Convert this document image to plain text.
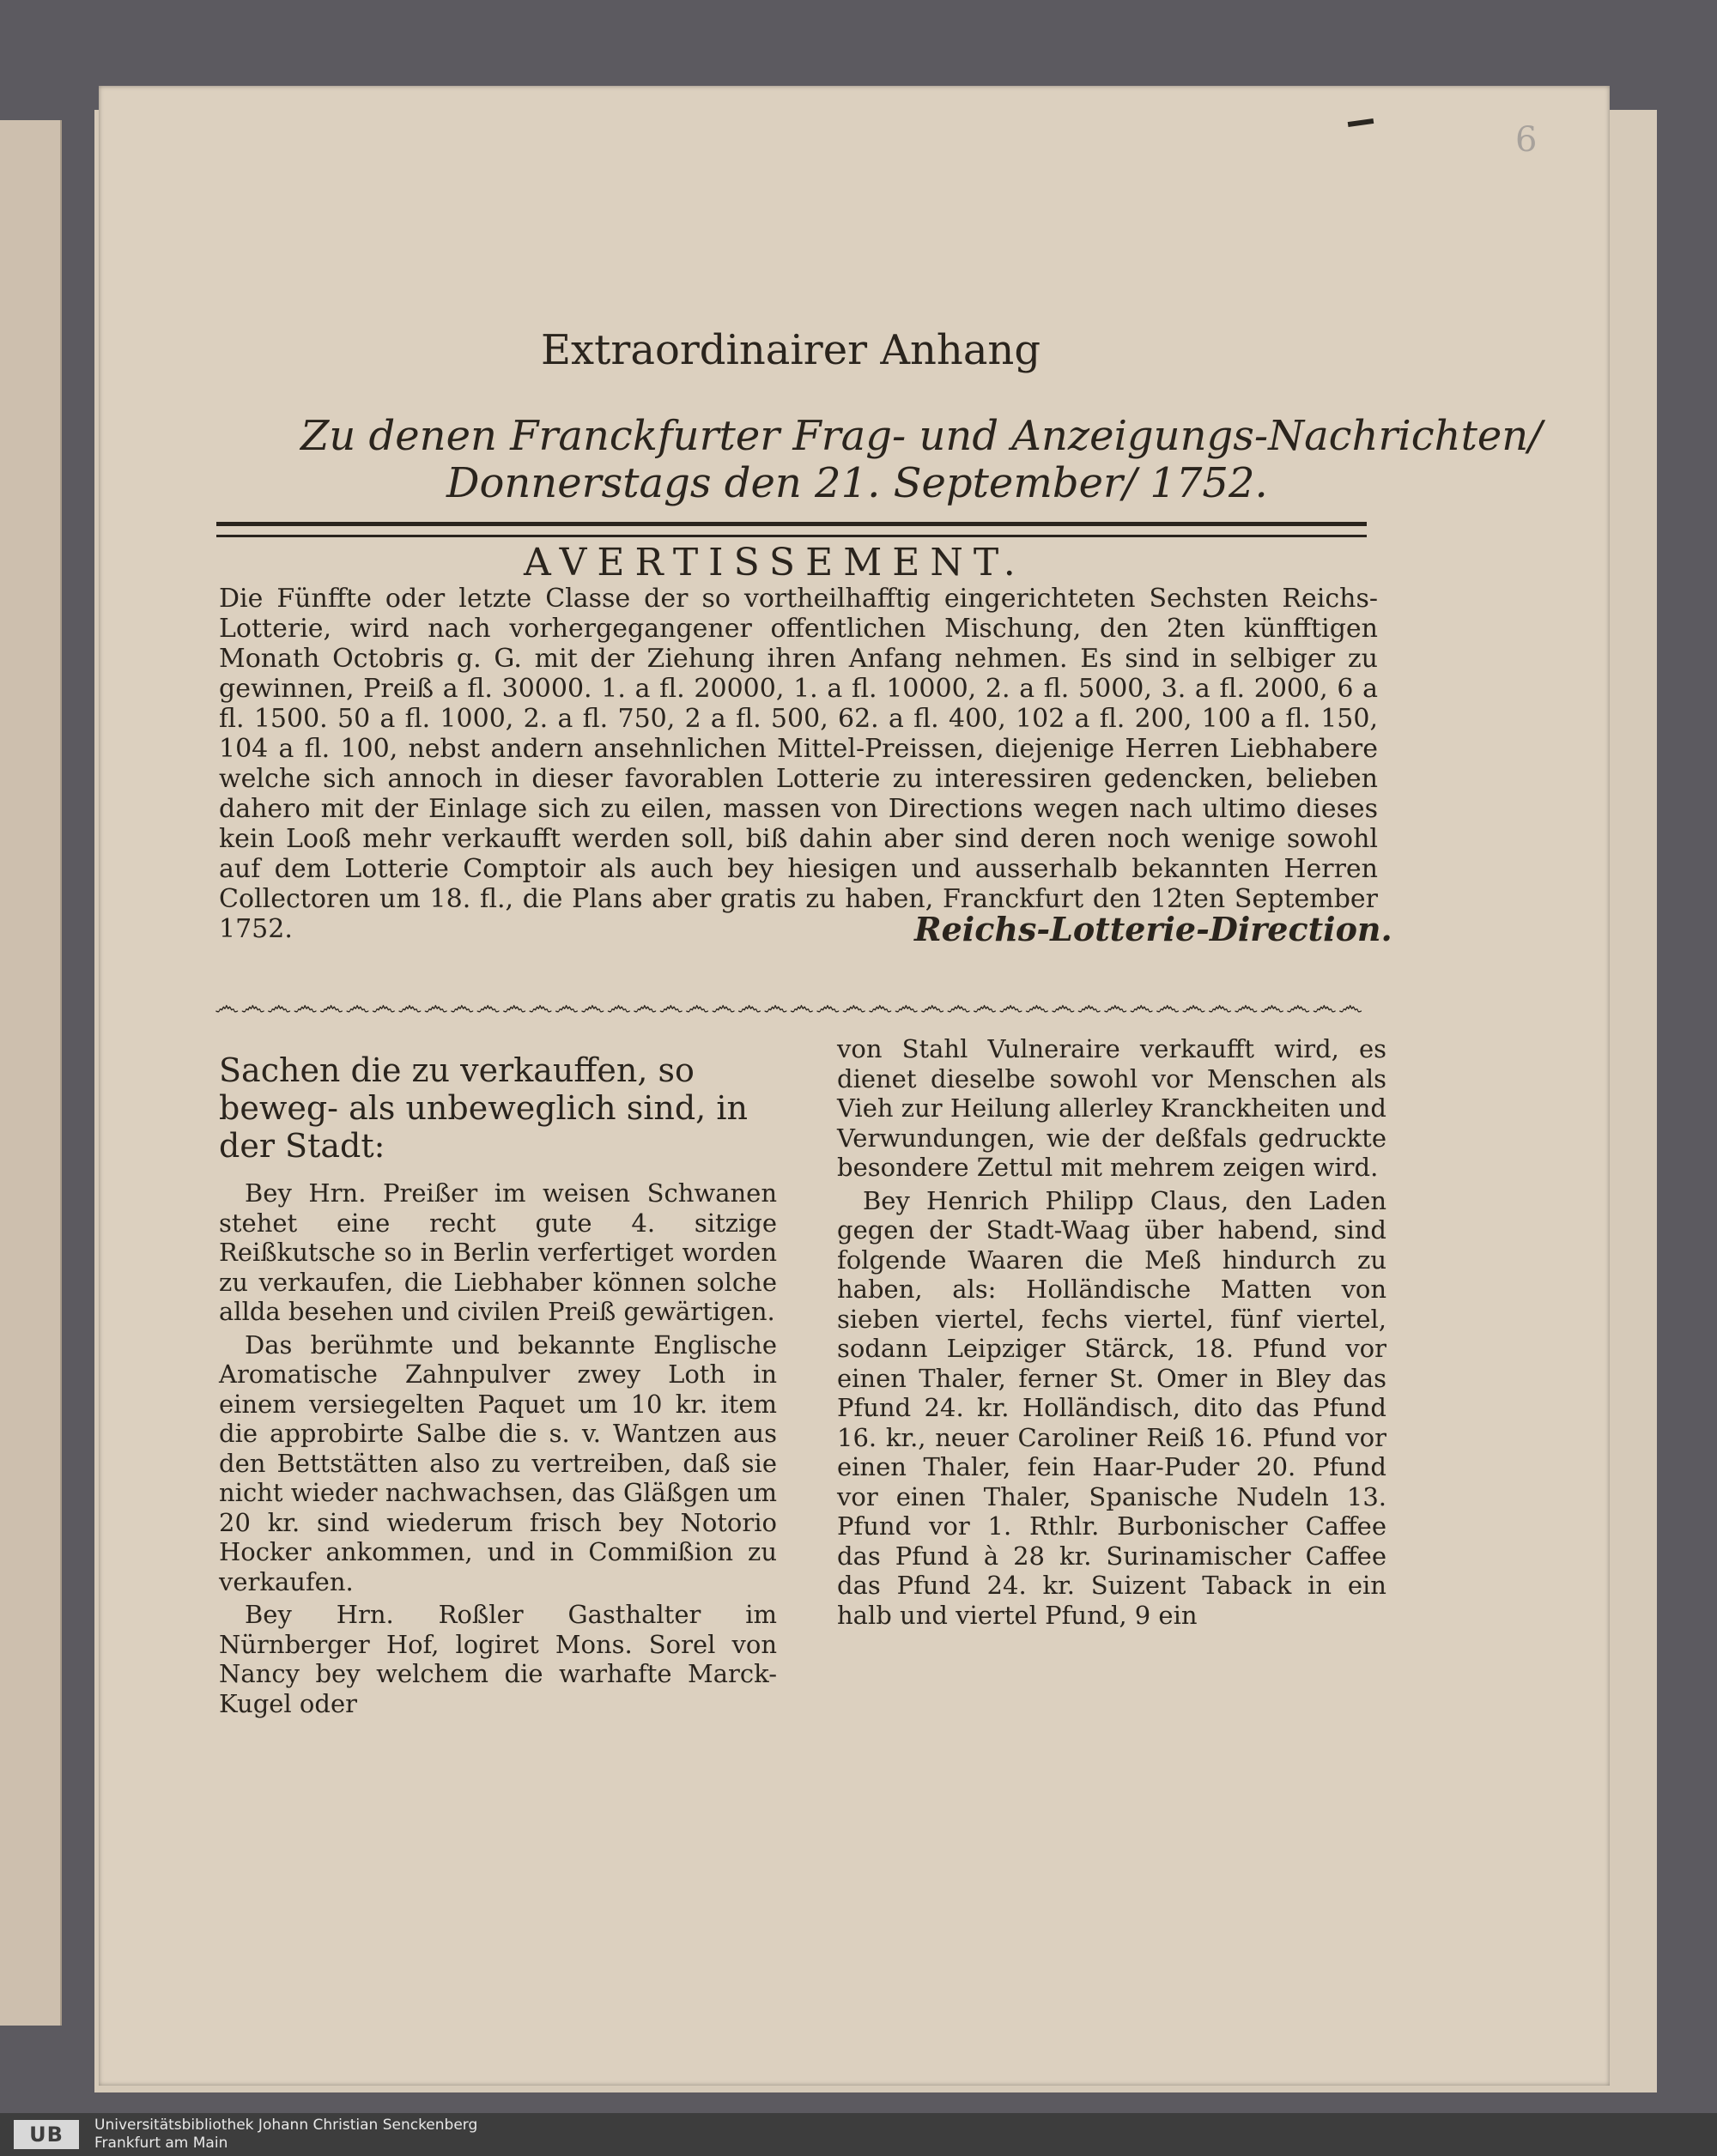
6
Extraordinairer Anhang
Zu denen Franckfurter Frag- und Anzeigungs-Nachrichten/
Donnerstags den 21. September/ 1752.
AVERTISSEMENT.
Die Fünffte oder letzte Classe der so vortheilhafftig eingerichteten Sechsten Reichs-Lotterie, wird nach vorhergegangener offentlichen Mischung, den 2ten künfftigen Monath Octobris g. G. mit der Ziehung ihren Anfang nehmen. Es sind in selbiger zu gewinnen, Preiß a fl. 30000. 1. a fl. 20000, 1. a fl. 10000, 2. a fl. 5000, 3. a fl. 2000, 6 a fl. 1500. 50 a fl. 1000, 2. a fl. 750, 2 a fl. 500, 62. a fl. 400, 102 a fl. 200, 100 a fl. 150, 104 a fl. 100, nebst andern ansehnlichen Mittel-Preissen, diejenige Herren Liebhabere welche sich annoch in dieser favorablen Lotterie zu interessiren gedencken, belieben dahero mit der Einlage sich zu eilen, massen von Directions wegen nach ultimo dieses kein Looß mehr verkaufft werden soll, biß dahin aber sind deren noch wenige sowohl auf dem Lotterie Comptoir als auch bey hiesigen und ausserhalb bekannten Herren Collectoren um 18. fl., die Plans aber gratis zu haben, Franckfurt den 12ten September 1752.	Reichs-Lotterie-Direction.
෴෴෴෴෴෴෴෴෴෴෴෴෴෴෴෴෴෴෴෴෴෴෴෴෴෴෴෴෴෴෴෴෴෴෴෴෴෴෴෴෴෴෴෴
Sachen die zu verkauffen, so beweg- als unbeweglich sind, in der Stadt:

Bey Hrn. Preißer im weisen Schwanen stehet eine recht gute 4. sitzige Reißkutsche so in Berlin verfertiget worden zu verkaufen, die Liebhaber können solche allda besehen und civilen Preiß gewärtigen.

Das berühmte und bekannte Englische Aromatische Zahnpulver zwey Loth in einem versiegelten Paquet um 10 kr. item die approbirte Salbe die s. v. Wantzen aus den Bettstätten also zu vertreiben, daß sie nicht wieder nachwachsen, das Gläßgen um 20 kr. sind wiederum frisch bey Notorio Hocker ankommen, und in Commißion zu verkaufen.

Bey Hrn. Roßler Gasthalter im Nürnberger Hof, logiret Mons. Sorel von Nancy bey welchem die warhafte Marck-Kugel oder

von Stahl Vulneraire verkaufft wird, es dienet dieselbe sowohl vor Menschen als Vieh zur Heilung allerley Kranckheiten und Verwundungen, wie der deßfals gedruckte besondere Zettul mit mehrem zeigen wird.

Bey Henrich Philipp Claus, den Laden gegen der Stadt-Waag über habend, sind folgende Waaren die Meß hindurch zu haben, als: Holländische Matten von sieben viertel, fechs viertel, fünf viertel, sodann Leipziger Stärck, 18. Pfund vor einen Thaler, ferner St. Omer in Bley das Pfund 24. kr. Holländisch, dito das Pfund 16. kr., neuer Caroliner Reiß 16. Pfund vor einen Thaler, fein Haar-Puder 20. Pfund vor einen Thaler, Spanische Nudeln 13. Pfund vor 1. Rthlr. Burbonischer Caffee das Pfund à 28 kr. Surinamischer Caffee das Pfund 24. kr. Suizent Taback in ein halb und viertel Pfund, 9 ein

UB	Universitätsbibliothek Johann Christian Senckenberg
Frankfurt am Main
